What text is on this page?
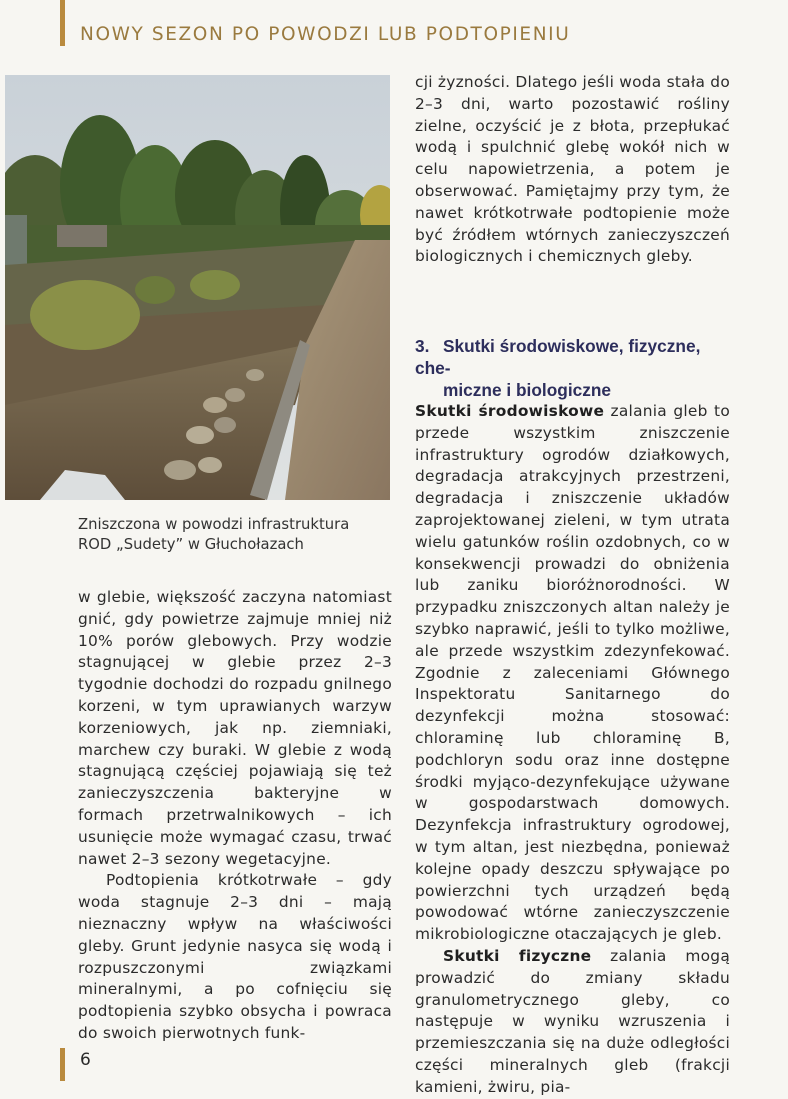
NOWY SEZON PO POWODZI LUB PODTOPIENIU
Zniszczona w powodzi infrastruktura
ROD „Sudety” w Głuchołazach

w glebie, większość zaczyna natomiast gnić, gdy powietrze zajmuje mniej niż 10% porów glebowych. Przy wodzie stagnującej w glebie przez 2–3 tygodnie dochodzi do rozpadu gnilnego korzeni, w tym uprawianych warzyw korzeniowych, jak np. ziemniaki, marchew czy buraki. W glebie z wodą stagnującą częściej pojawiają się też zanieczyszczenia bakteryjne w formach przetrwalnikowych – ich usunięcie może wymagać czasu, trwać nawet 2–3 sezony wegetacyjne.

Podtopienia krótkotrwałe – gdy woda stagnuje 2–3 dni – mają nieznaczny wpływ na właściwości gleby. Grunt jedynie nasyca się wodą i rozpuszczonymi związkami mineralnymi, a po cofnięciu się podtopienia szybko obsycha i powraca do swoich pierwotnych funk-

cji żyzności. Dlatego jeśli woda stała do 2–3 dni, warto pozostawić rośliny zielne, oczyścić je z błota, przepłukać wodą i spulchnić glebę wokół nich w celu napowietrzenia, a potem je obserwować. Pamiętajmy przy tym, że nawet krótkotrwałe podtopienie może być źródłem wtórnych zanieczyszczeń biologicznych i chemicznych gleby.

3. Skutki środowiskowe, fizyczne, che-
miczne i biologiczne

Skutki środowiskowe zalania gleb to przede wszystkim zniszczenie infrastruktury ogrodów działkowych, degradacja atrakcyjnych przestrzeni, degradacja i zniszczenie układów zaprojektowanej zieleni, w tym utrata wielu gatunków roślin ozdobnych, co w konsekwencji prowadzi do obniżenia lub zaniku bioróżnorodności. W przypadku zniszczonych altan należy je szybko naprawić, jeśli to tylko możliwe, ale przede wszystkim zdezynfekować. Zgodnie z zaleceniami Głównego Inspektoratu Sanitarnego do dezynfekcji można stosować: chloraminę lub chloraminę B, podchloryn sodu oraz inne dostępne środki myjąco-dezynfekujące używane w gospodarstwach domowych. Dezynfekcja infrastruktury ogrodowej, w tym altan, jest niezbędna, ponieważ kolejne opady deszczu spływające po powierzchni tych urządzeń będą powodować wtórne zanieczyszczenie mikrobiologiczne otaczających je gleb.

Skutki fizyczne zalania mogą prowadzić do zmiany składu granulometrycznego gleby, co następuje w wyniku wzruszenia i przemieszczania się na duże odległości części mineralnych gleb (frakcji kamieni, żwiru, pia-

6
